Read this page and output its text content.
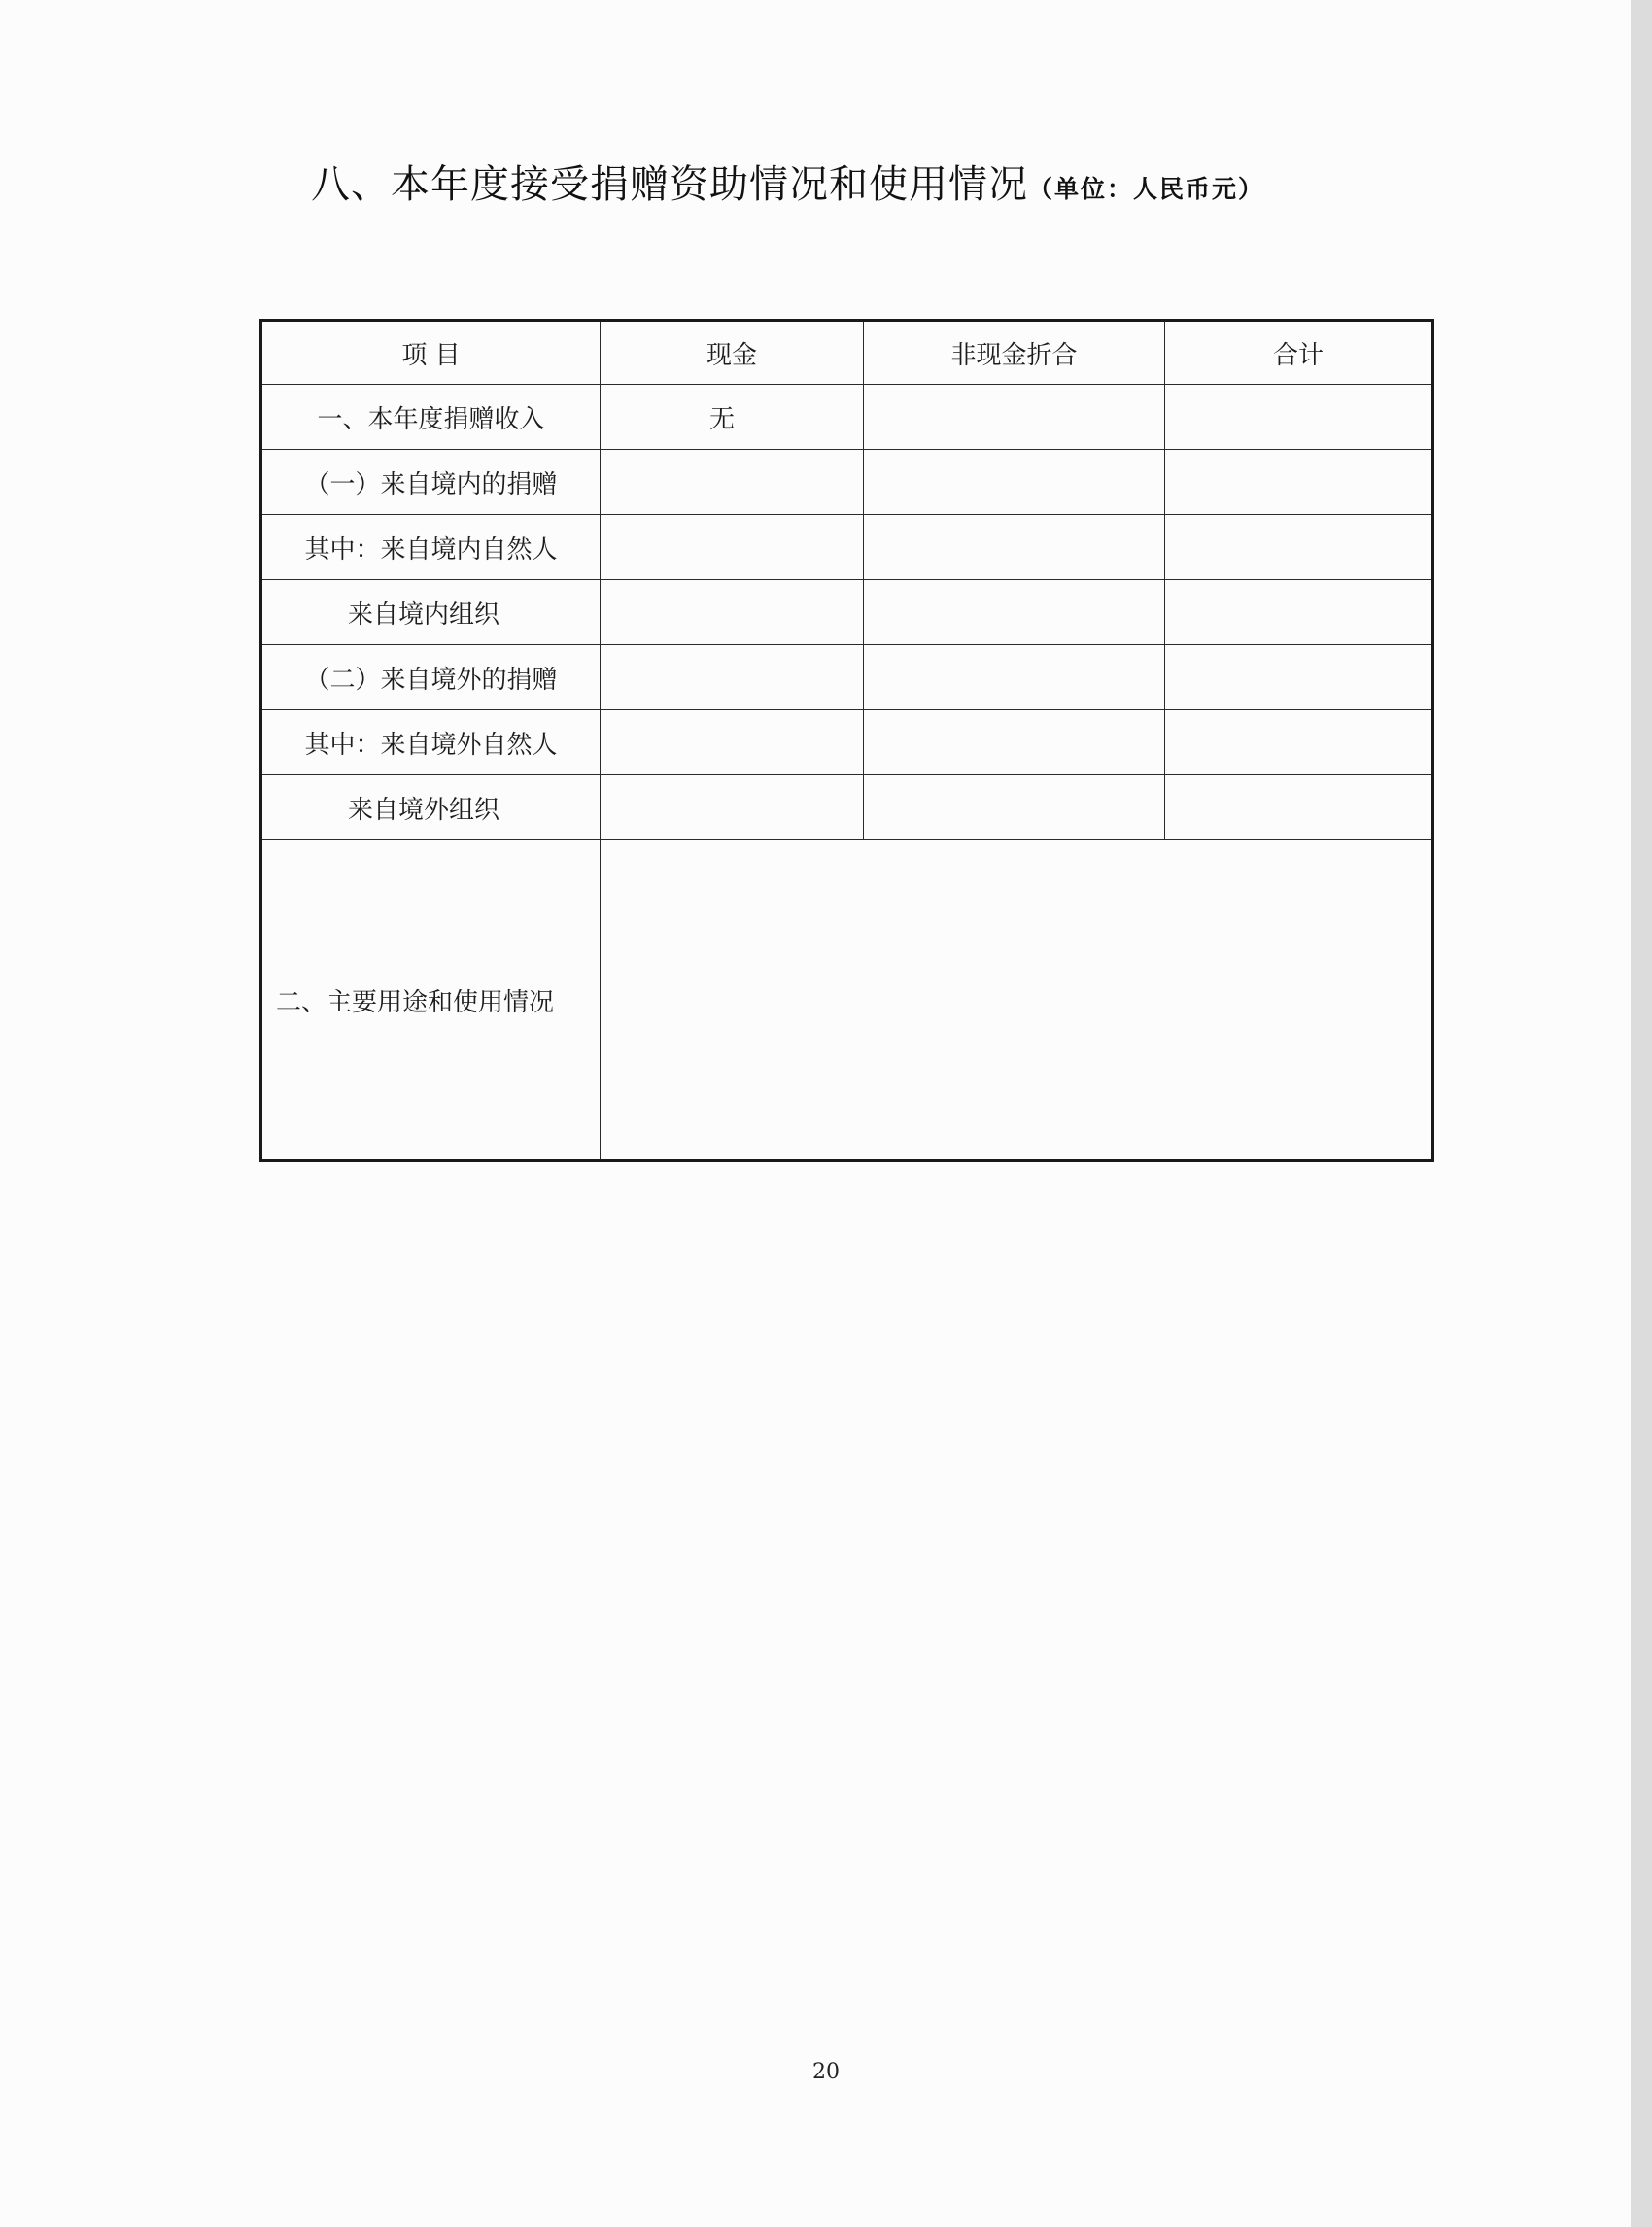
八、本年度接受捐赠资助情况和使用情况（单位：人民币元）
项 目	现金	非现金折合	合计
一、本年度捐赠收入	无		
（一）来自境内的捐赠			
其中：来自境内自然人			
来自境内组织			
（二）来自境外的捐赠			
其中：来自境外自然人			
来自境外组织			
二、主要用途和使用情况			
20
